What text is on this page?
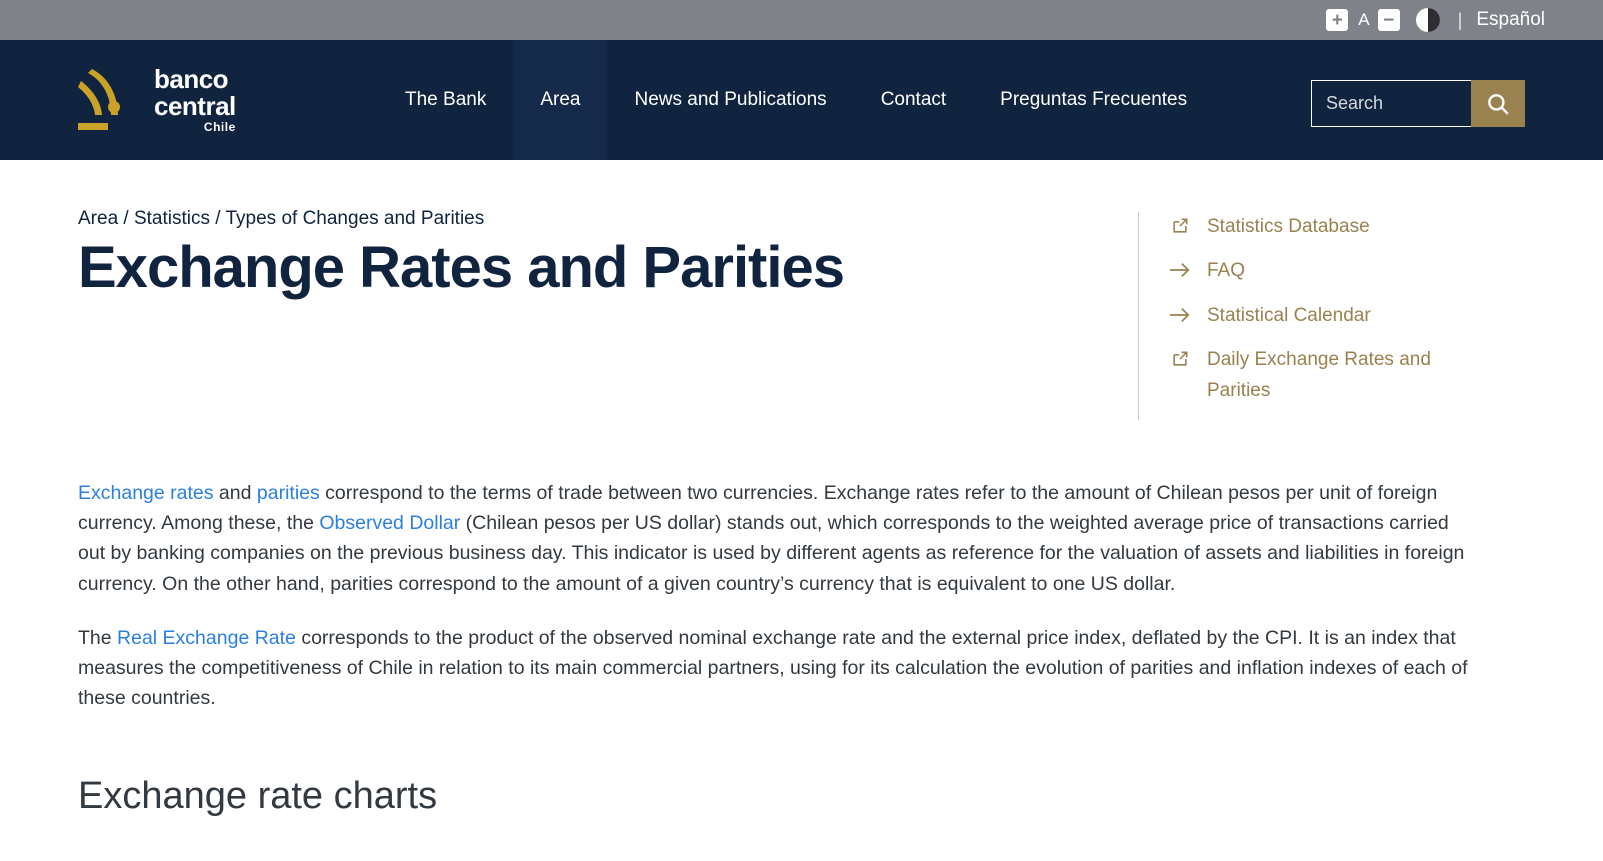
+ A −	| Español
banco
central
Chile
The Bank	Area	News and Publications	Contact	Preguntas Frecuentes
Search
Area / Statistics / Types of Changes and Parities
Exchange Rates and Parities
Statistics Database
FAQ
Statistical Calendar
Daily Exchange Rates and Parities

Exchange rates and parities correspond to the terms of trade between two currencies. Exchange rates refer to the amount of Chilean pesos per unit of foreign currency. Among these, the Observed Dollar (Chilean pesos per US dollar) stands out, which corresponds to the weighted average price of transactions carried out by banking companies on the previous business day. This indicator is used by different agents as reference for the valuation of assets and liabilities in foreign currency. On the other hand, parities correspond to the amount of a given country’s currency that is equivalent to one US dollar.

The Real Exchange Rate corresponds to the product of the observed nominal exchange rate and the external price index, deflated by the CPI. It is an index that measures the competitiveness of Chile in relation to its main commercial partners, using for its calculation the evolution of parities and inflation indexes of each of these countries.

Exchange rate charts
